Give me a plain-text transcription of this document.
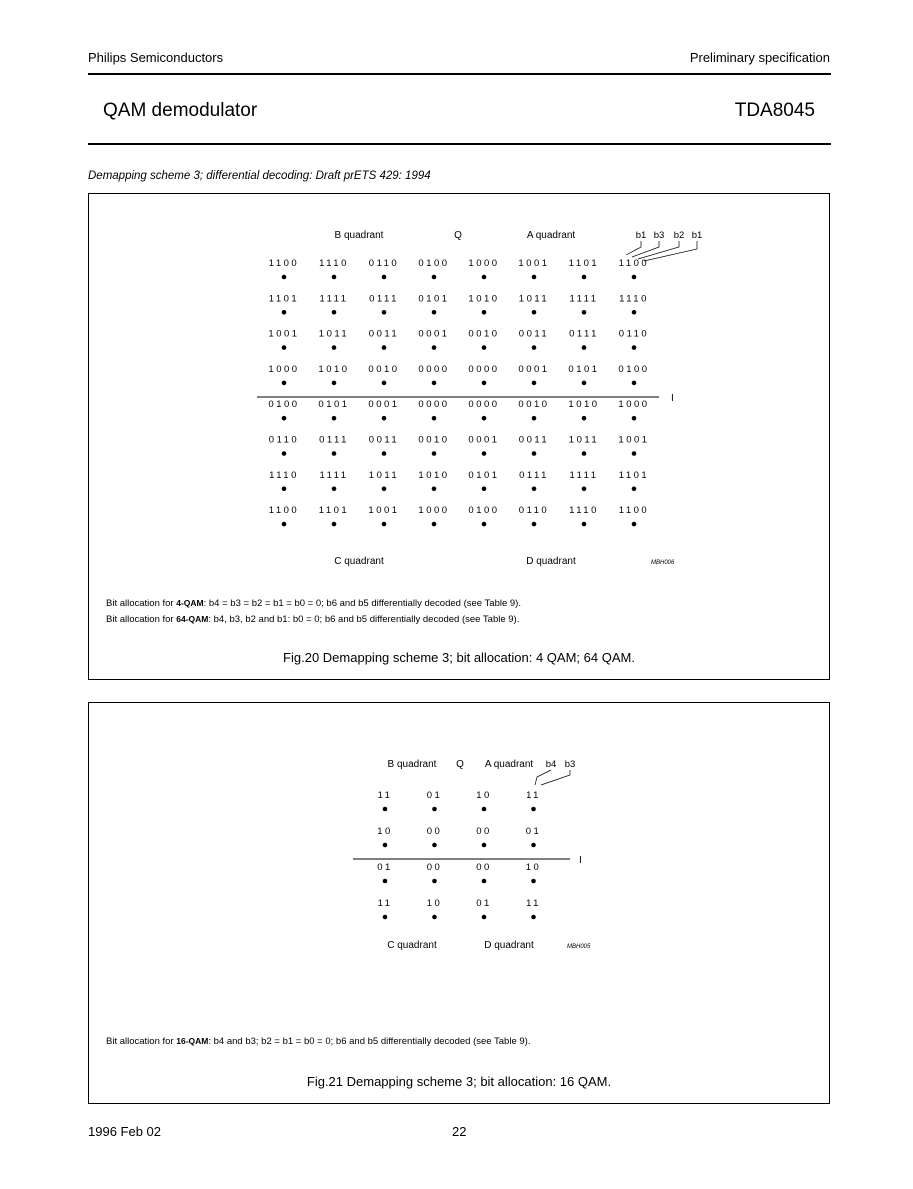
Philips Semiconductors	Preliminary specification
QAM demodulator	TDA8045
Demapping scheme 3; differential decoding: Draft prETS 429: 1994
B quadrant	Q	A quadrant	b1 b3 b2 b1
1100 1110 0110 0100 1000 1001 1101 1100
1101 1111 0111 0101 1010 1011 1111 1110
1001 1011 0011 0001 0010 0011 0111 0110
1000 1010 0010 0000 0000 0001 0101 0100
0100 0101 0001 0000 0000 0010 1010 1000
0110 0111 0011 0010 0001 0011 1011 1001
1110 1111 1011 1010 0101 0111 1111 1101
1100 1101 1001 1000 0100 0110 1110 1100
I
C quadrant	D quadrant	MBH006
Bit allocation for 4-QAM: b4 = b3 = b2 = b1 = b0 = 0; b6 and b5 differentially decoded (see Table 9).
Bit allocation for 64-QAM: b4, b3, b2 and b1: b0 = 0; b6 and b5 differentially decoded (see Table 9).
Fig.20 Demapping scheme 3; bit allocation: 4 QAM; 64 QAM.
B quadrant Q A quadrant b4 b3
11	01	10	11
10	00	00	01
01	00	00	10
11	10	01	11
I
C quadrant	D quadrant	MBH005
Bit allocation for 16-QAM: b4 and b3; b2 = b1 = b0 = 0; b6 and b5 differentially decoded (see Table 9).
Fig.21 Demapping scheme 3; bit allocation: 16 QAM.
1996 Feb 02	22
